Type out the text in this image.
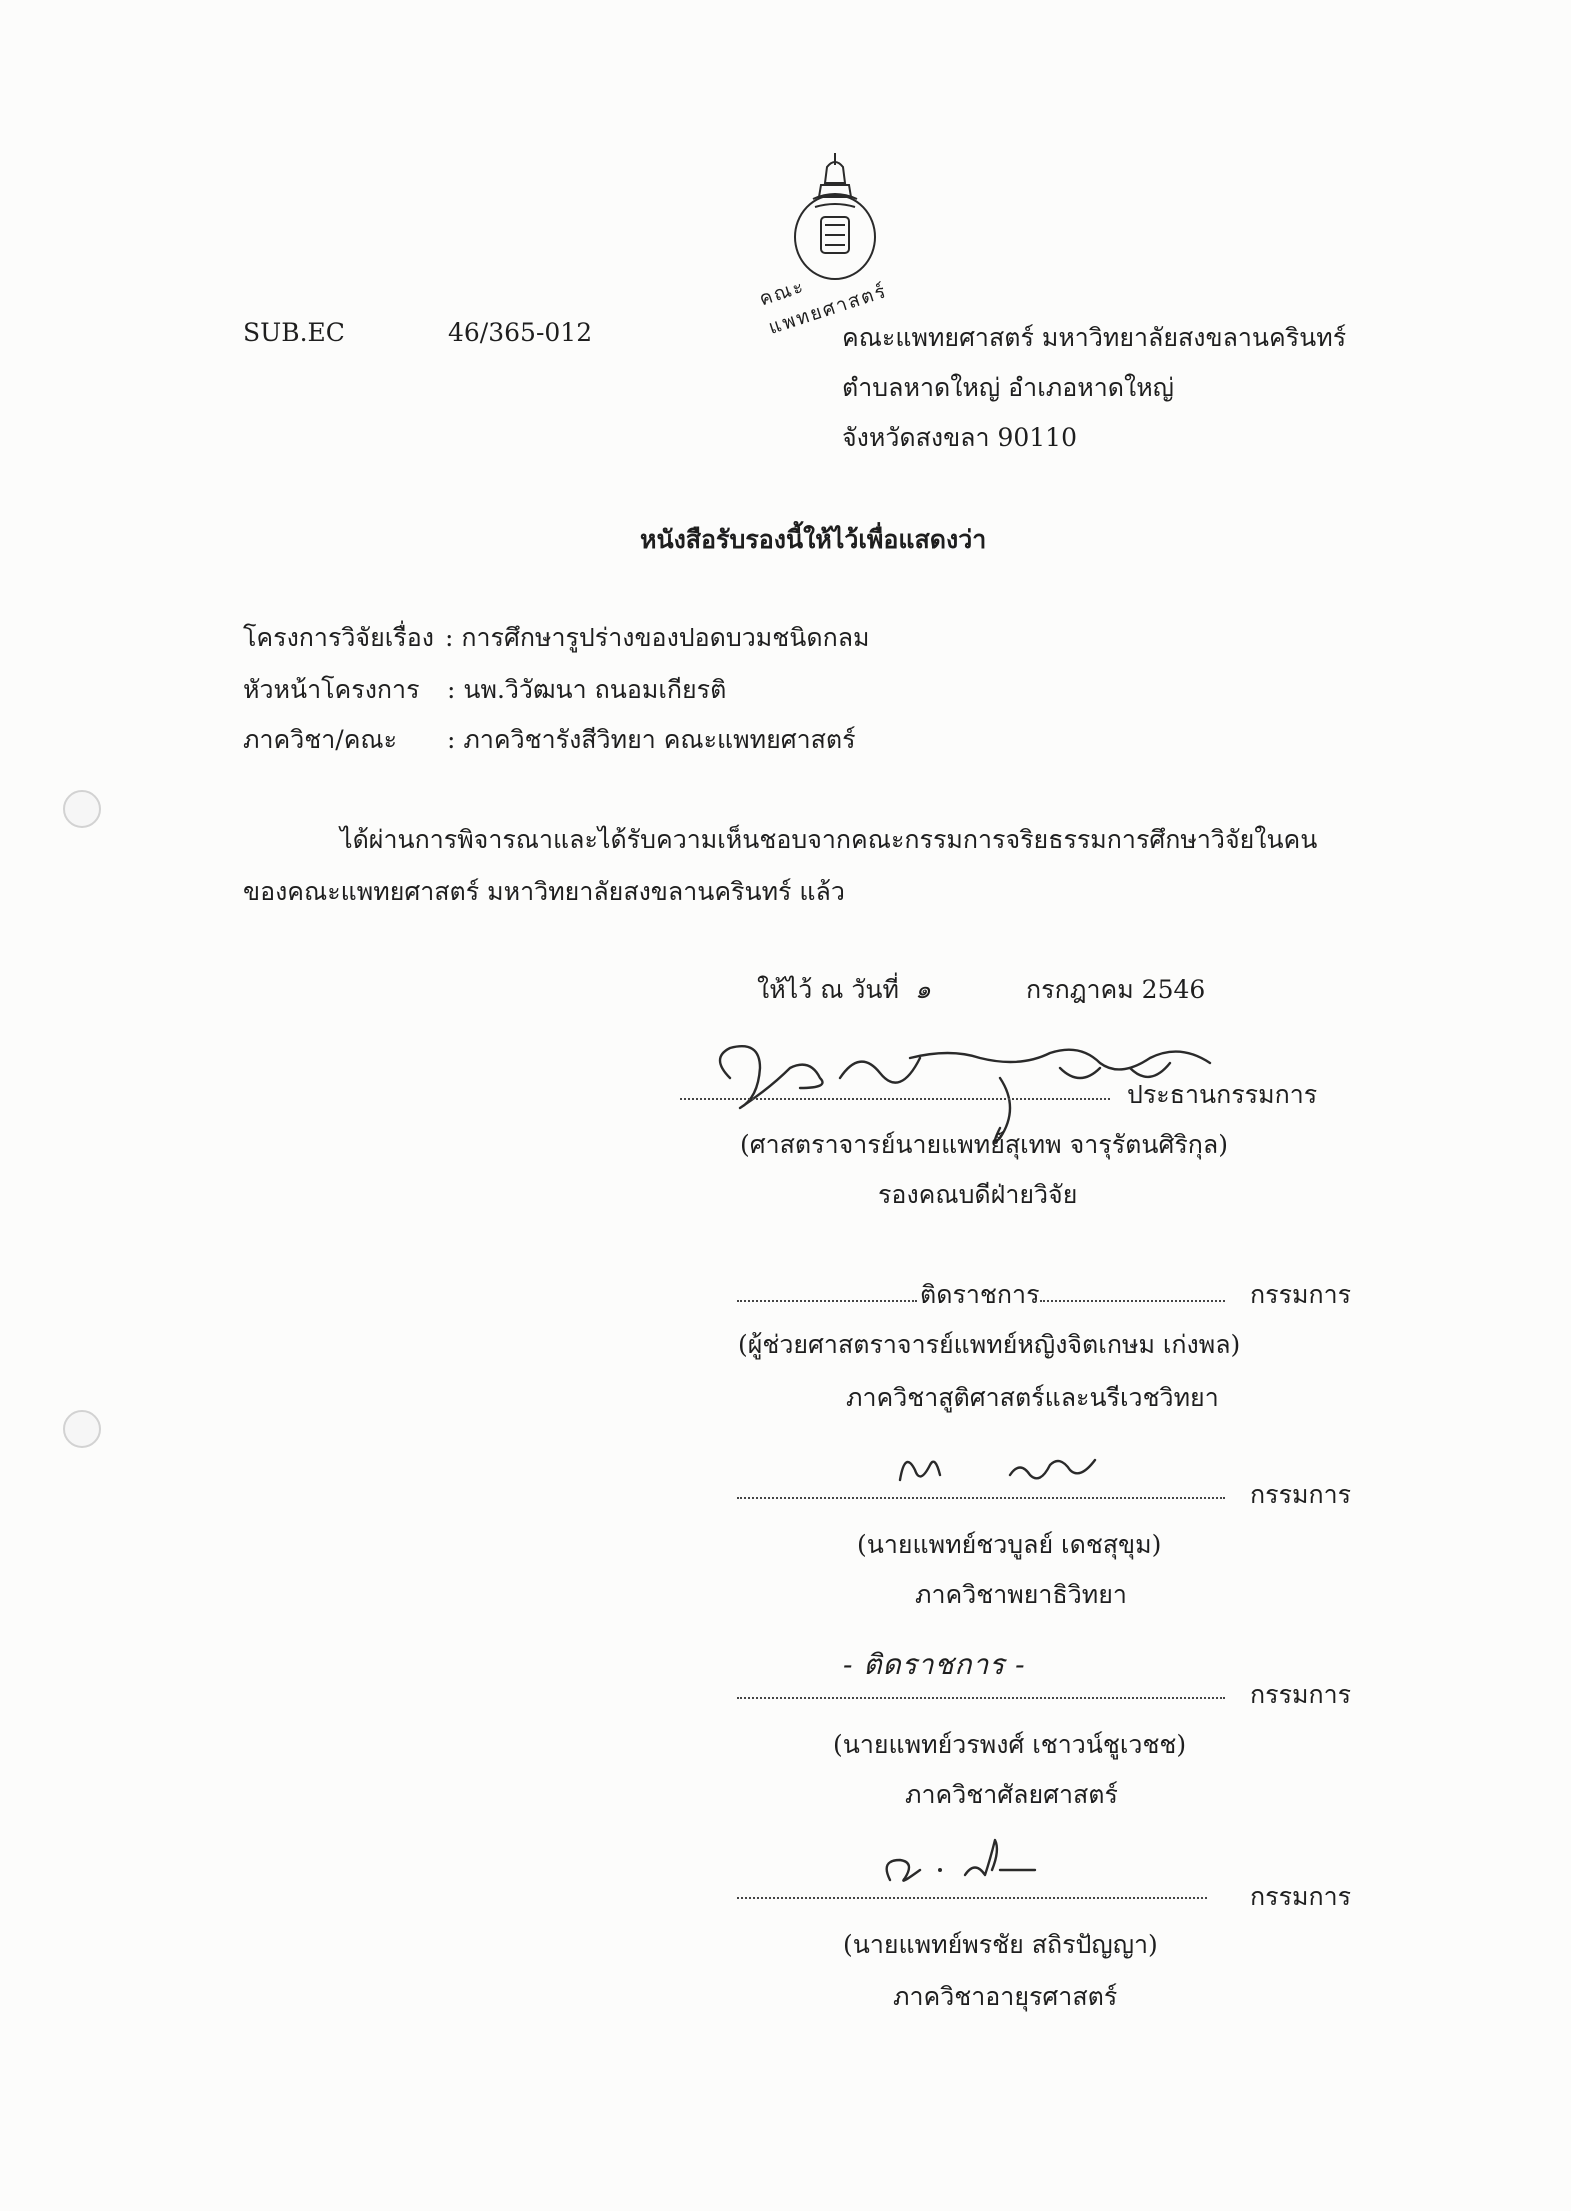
คณะแพทยศาสตร์
SUB.EC	46/365-012	คณะแพทยศาสตร์ มหาวิทยาลัยสงขลานครินทร์
ตำบลหาดใหญ่ อำเภอหาดใหญ่
จังหวัดสงขลา 90110
หนังสือรับรองนี้ให้ไว้เพื่อแสดงว่า
โครงการวิจัยเรื่อง : การศึกษารูปร่างของปอดบวมชนิดกลม
หัวหน้าโครงการ : นพ.วิวัฒนา ถนอมเกียรติ
ภาควิชา/คณะ : ภาควิชารังสีวิทยา คณะแพทยศาสตร์
ได้ผ่านการพิจารณาและได้รับความเห็นชอบจากคณะกรรมการจริยธรรมการศึกษาวิจัยในคน
ของคณะแพทยศาสตร์ มหาวิทยาลัยสงขลานครินทร์ แล้ว
ให้ไว้ ณ วันที่ ๑	กรกฎาคม 2546
ประธานกรรมการ
(ศาสตราจารย์นายแพทย์สุเทพ จารุรัตนศิริกุล)
รองคณบดีฝ่ายวิจัย
ติดราชการ	กรรมการ
(ผู้ช่วยศาสตราจารย์แพทย์หญิงจิตเกษม เก่งพล)
ภาควิชาสูติศาสตร์และนรีเวชวิทยา
กรรมการ
(นายแพทย์ชวบูลย์ เดชสุขุม)
ภาควิชาพยาธิวิทยา
- ติดราชการ -
กรรมการ
(นายแพทย์วรพงศ์ เชาวน์ชูเวชช)
ภาควิชาศัลยศาสตร์
กรรมการ
(นายแพทย์พรชัย สถิรปัญญา)
ภาควิชาอายุรศาสตร์
